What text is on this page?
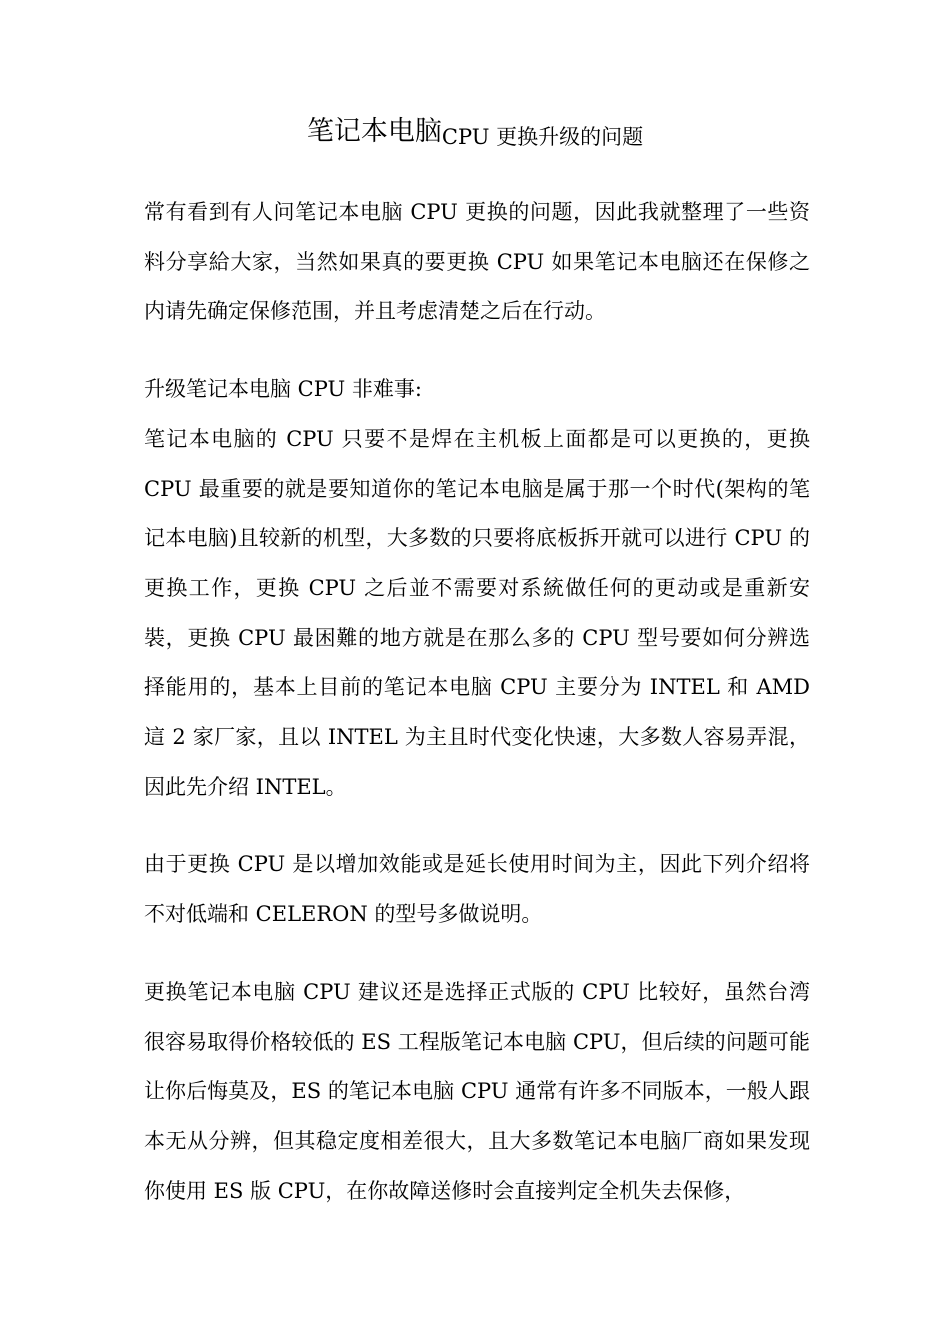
笔记本电脑CPU 更换升级的问题

常有看到有人问笔记本电脑 CPU 更换的问题，因此我就整理了一些资料分享給大家，当然如果真的要更换 CPU 如果笔记本电脑还在保修之内请先确定保修范围，并且考虑清楚之后在行动。

升级笔记本电脑 CPU 非难事:

笔记本电脑的 CPU 只要不是焊在主机板上面都是可以更换的，更换 CPU 最重要的就是要知道你的笔记本电脑是属于那一个时代(架构的笔记本电脑)且较新的机型，大多数的只要将底板拆开就可以进行 CPU 的更换工作，更换 CPU 之后並不需要对系統做任何的更动或是重新安裝，更换 CPU 最困難的地方就是在那么多的 CPU 型号要如何分辨选择能用的，基本上目前的笔记本电脑 CPU 主要分为 INTEL 和 AMD 這 2 家厂家，且以 INTEL 为主且时代变化快速，大多数人容易弄混，因此先介绍 INTEL。

由于更换 CPU 是以增加效能或是延长使用时间为主，因此下列介绍将不对低端和 CELERON 的型号多做说明。

更换笔记本电脑 CPU 建议还是选择正式版的 CPU 比较好，虽然台湾很容易取得价格较低的 ES 工程版笔记本电脑 CPU，但后续的问题可能让你后悔莫及，ES 的笔记本电脑 CPU 通常有许多不同版本，一般人跟本无从分辨，但其稳定度相差很大，且大多数笔记本电脑厂商如果发现你使用 ES 版 CPU，在你故障送修时会直接判定全机失去保修，
